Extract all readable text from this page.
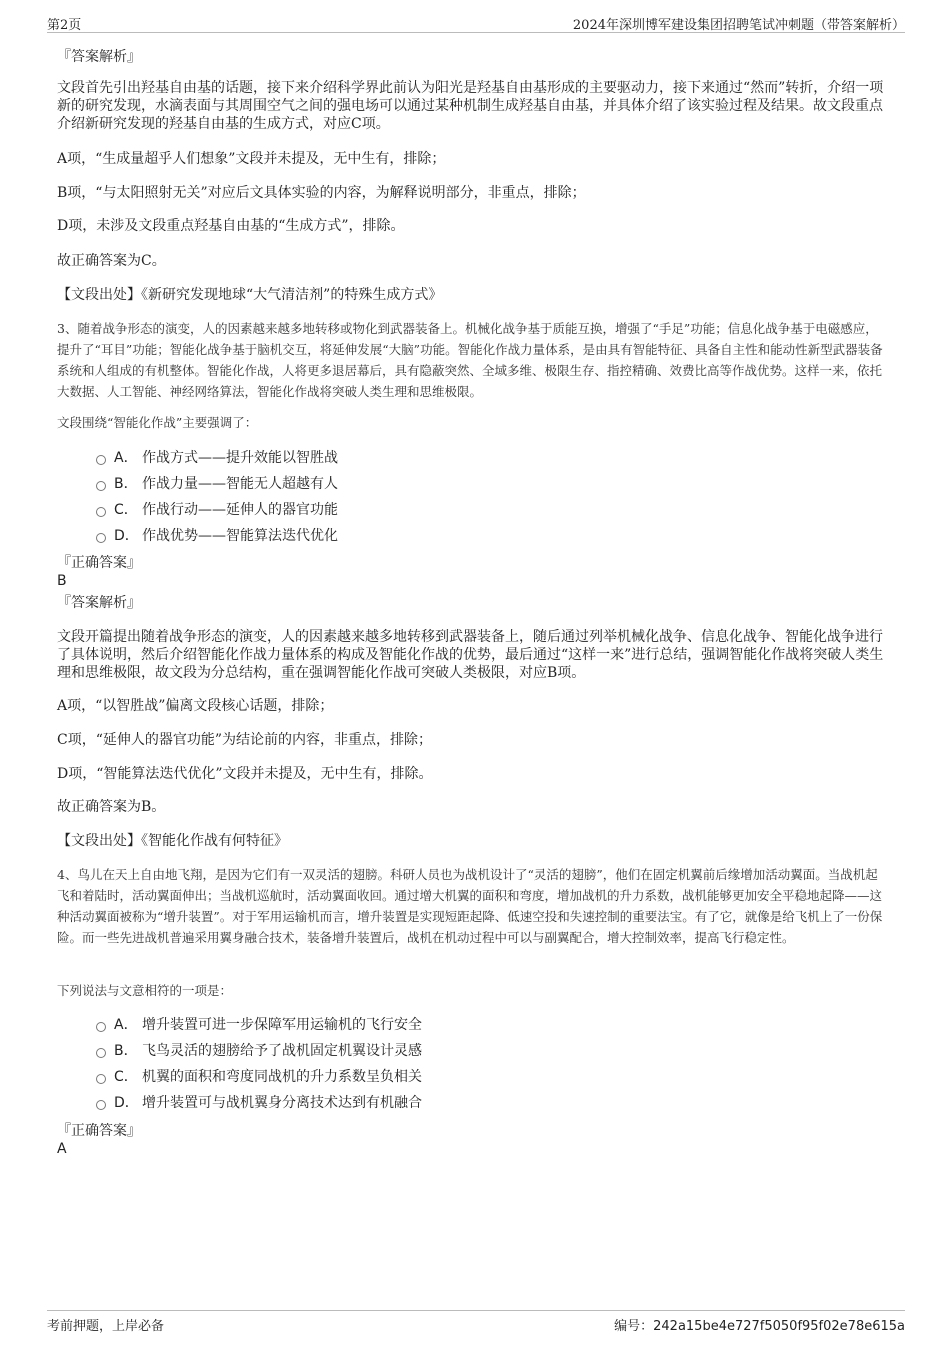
第2页	2024年深圳博军建设集团招聘笔试冲刺题（带答案解析）
『答案解析』
文段首先引出羟基自由基的话题，接下来介绍科学界此前认为阳光是羟基自由基形成的主要驱动力，接下来通过“然而”转折，介绍一项新的研究发现，水滴表面与其周围空气之间的强电场可以通过某种机制生成羟基自由基，并具体介绍了该实验过程及结果。故文段重点介绍新研究发现的羟基自由基的生成方式，对应C项。
A项，“生成量超乎人们想象”文段并未提及，无中生有，排除；
B项，“与太阳照射无关”对应后文具体实验的内容，为解释说明部分，非重点，排除；
D项，未涉及文段重点羟基自由基的“生成方式”，排除。
故正确答案为C。
【文段出处】《新研究发现地球“大气清洁剂”的特殊生成方式》
3、随着战争形态的演变，人的因素越来越多地转移或物化到武器装备上。机械化战争基于质能互换，增强了“手足”功能；信息化战争基于电磁感应，提升了“耳目”功能；智能化战争基于脑机交互，将延伸发展“大脑”功能。智能化作战力量体系，是由具有智能特征、具备自主性和能动性新型武器装备系统和人组成的有机整体。智能化作战，人将更多退居幕后，具有隐蔽突然、全域多维、极限生存、指控精确、效费比高等作战优势。这样一来，依托大数据、人工智能、神经网络算法，智能化作战将突破人类生理和思维极限。
文段围绕“智能化作战”主要强调了：
A． 作战方式——提升效能以智胜战
B． 作战力量——智能无人超越有人
C． 作战行动——延伸人的器官功能
D． 作战优势——智能算法迭代优化
『正确答案』
B
『答案解析』
文段开篇提出随着战争形态的演变，人的因素越来越多地转移到武器装备上，随后通过列举机械化战争、信息化战争、智能化战争进行了具体说明，然后介绍智能化作战力量体系的构成及智能化作战的优势，最后通过“这样一来”进行总结，强调智能化作战将突破人类生理和思维极限，故文段为分总结构，重在强调智能化作战可突破人类极限，对应B项。
A项，“以智胜战”偏离文段核心话题，排除；
C项，“延伸人的器官功能”为结论前的内容，非重点，排除；
D项，“智能算法迭代优化”文段并未提及，无中生有，排除。
故正确答案为B。
【文段出处】《智能化作战有何特征》
4、鸟儿在天上自由地飞翔，是因为它们有一双灵活的翅膀。科研人员也为战机设计了“灵活的翅膀”，他们在固定机翼前后缘增加活动翼面。当战机起飞和着陆时，活动翼面伸出；当战机巡航时，活动翼面收回。通过增大机翼的面积和弯度，增加战机的升力系数，战机能够更加安全平稳地起降——这种活动翼面被称为“增升装置”。对于军用运输机而言，增升装置是实现短距起降、低速空投和失速控制的重要法宝。有了它，就像是给飞机上了一份保险。而一些先进战机普遍采用翼身融合技术，装备增升装置后，战机在机动过程中可以与副翼配合，增大控制效率，提高飞行稳定性。
下列说法与文意相符的一项是：
A． 增升装置可进一步保障军用运输机的飞行安全
B． 飞鸟灵活的翅膀给予了战机固定机翼设计灵感
C． 机翼的面积和弯度同战机的升力系数呈负相关
D． 增升装置可与战机翼身分离技术达到有机融合
『正确答案』
A
考前押题，上岸必备	编号：242a15be4e727f5050f95f02e78e615a
